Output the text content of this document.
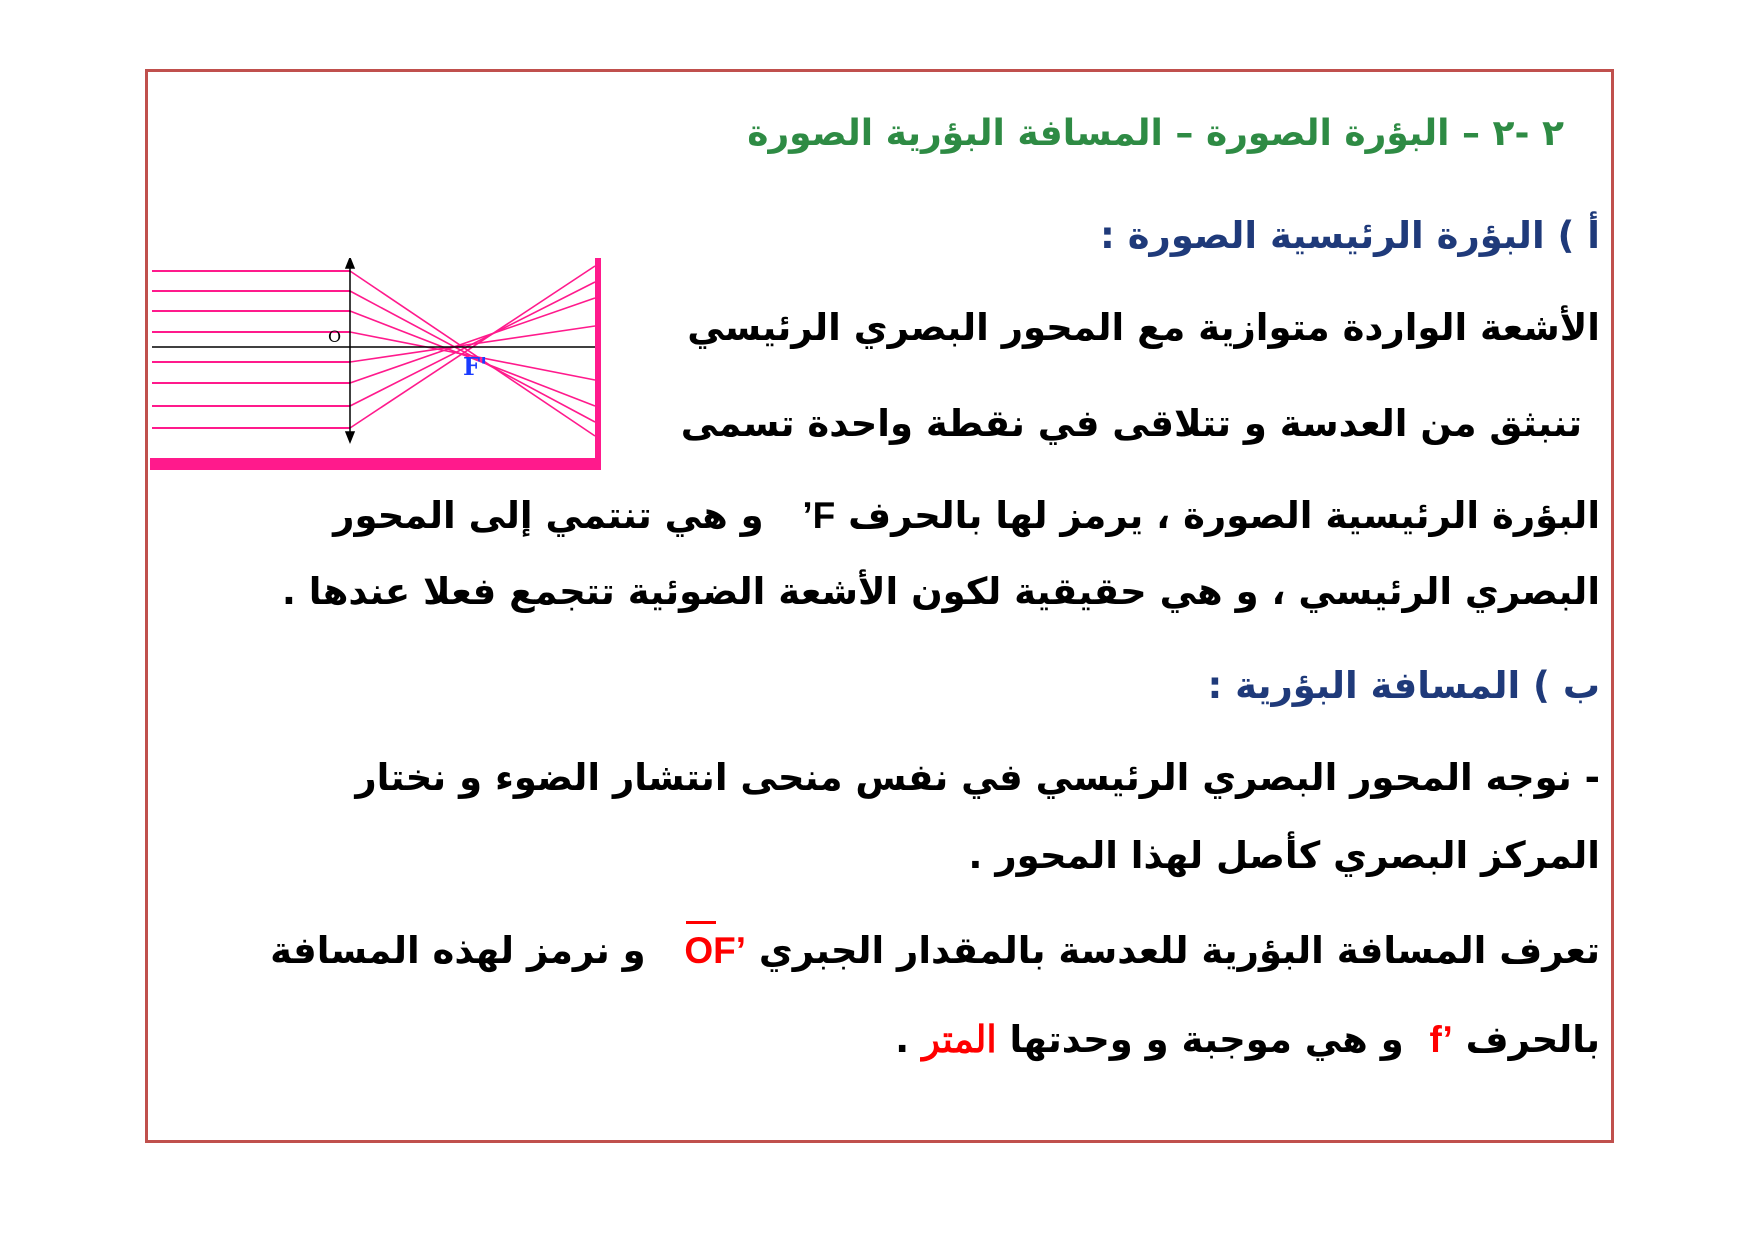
٢ -٢ – البؤرة الصورة – المسافة البؤرية الصورة
أ ) البؤرة الرئيسية الصورة :
الأشعة الواردة متوازية مع المحور البصري الرئيسي
تنبثق من العدسة و تتلاقى في نقطة واحدة تسمى
البؤرة الرئيسية الصورة ، يرمز لها بالحرف F’   و هي تنتمي إلى المحور
البصري الرئيسي ، و هي حقيقية لكون الأشعة الضوئية تتجمع فعلا عندها .
ب ) المسافة البؤرية :
- نوجه المحور البصري الرئيسي في نفس منحى انتشار الضوء و نختار
المركز البصري كأصل لهذا المحور .
تعرف المسافة البؤرية للعدسة بالمقدار الجبري
OF’   و نرمز لهذه المسافة
بالحرف f’  و هي موجبة و وحدتها المتر .
O
F'
